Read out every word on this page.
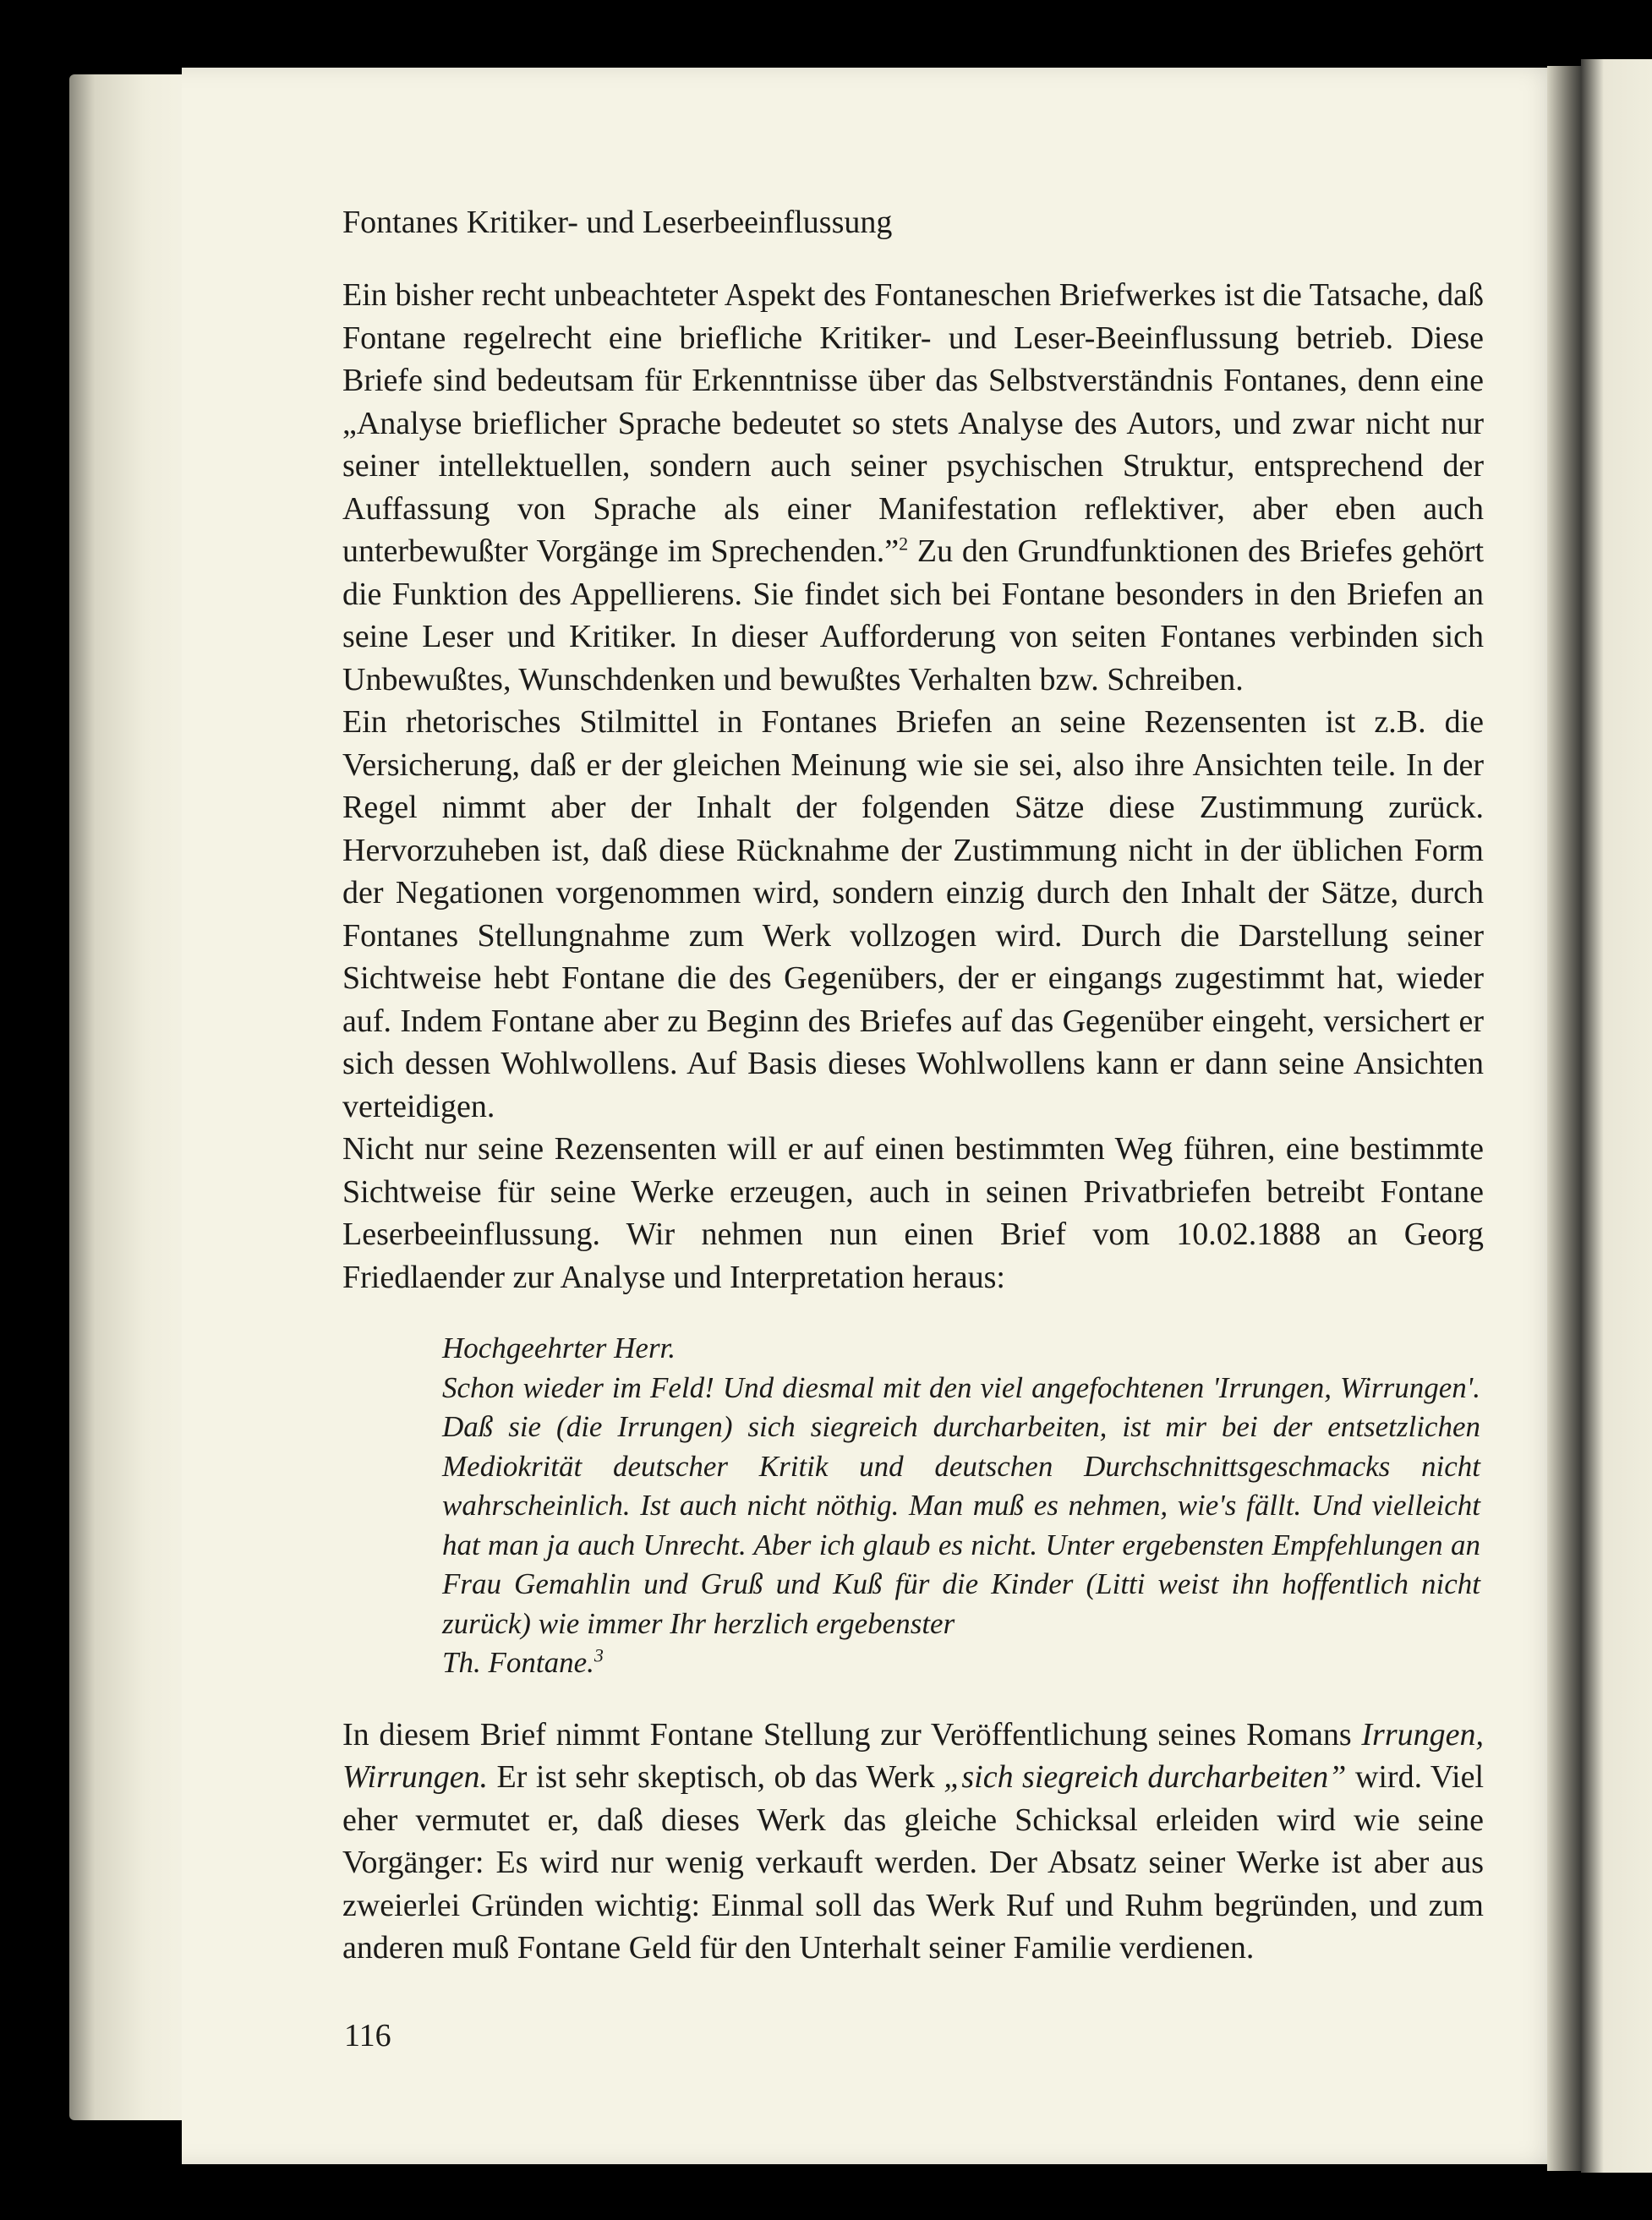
Fontanes Kritiker- und Leserbeeinflussung

Ein bisher recht unbeachteter Aspekt des Fontaneschen Briefwerkes ist die Tatsache, daß Fontane regelrecht eine briefliche Kritiker- und Leser-Beeinflussung betrieb. Diese Briefe sind bedeutsam für Erkenntnisse über das Selbstverständnis Fontanes, denn eine „Analyse brieflicher Sprache bedeutet so stets Analyse des Autors, und zwar nicht nur seiner intellektuellen, sondern auch seiner psychischen Struktur, entsprechend der Auffassung von Sprache als einer Manifestation reflektiver, aber eben auch unterbewußter Vorgänge im Sprechenden.”$^2$ Zu den Grundfunktionen des Briefes gehört die Funktion des Appellierens. Sie findet sich bei Fontane besonders in den Briefen an seine Leser und Kritiker. In dieser Aufforderung von seiten Fontanes verbinden sich Unbewußtes, Wunschdenken und bewußtes Verhalten bzw. Schreiben.

Ein rhetorisches Stilmittel in Fontanes Briefen an seine Rezensenten ist z.B. die Versicherung, daß er der gleichen Meinung wie sie sei, also ihre Ansichten teile. In der Regel nimmt aber der Inhalt der folgenden Sätze diese Zustimmung zurück. Hervorzuheben ist, daß diese Rücknahme der Zustimmung nicht in der üblichen Form der Negationen vorgenommen wird, sondern einzig durch den Inhalt der Sätze, durch Fontanes Stellungnahme zum Werk vollzogen wird. Durch die Darstellung seiner Sichtweise hebt Fontane die des Gegenübers, der er eingangs zugestimmt hat, wieder auf. Indem Fontane aber zu Beginn des Briefes auf das Gegenüber eingeht, versichert er sich dessen Wohlwollens. Auf Basis dieses Wohlwollens kann er dann seine Ansichten verteidigen.

Nicht nur seine Rezensenten will er auf einen bestimmten Weg führen, eine bestimmte Sichtweise für seine Werke erzeugen, auch in seinen Privatbriefen betreibt Fontane Leserbeeinflussung. Wir nehmen nun einen Brief vom 10.02.1888 an Georg Friedlaender zur Analyse und Interpretation heraus:

Hochgeehrter Herr.

Schon wieder im Feld! Und diesmal mit den viel angefochtenen 'Irrungen, Wirrungen'. Daß sie (die Irrungen) sich siegreich durcharbeiten, ist mir bei der entsetzlichen Mediokrität deutscher Kritik und deutschen Durchschnittsgeschmacks nicht wahrscheinlich. Ist auch nicht nöthig. Man muß es nehmen, wie's fällt. Und vielleicht hat man ja auch Unrecht. Aber ich glaub es nicht. Unter ergebensten Empfehlungen an Frau Gemahlin und Gruß und Kuß für die Kinder (Litti weist ihn hoffentlich nicht zurück) wie immer Ihr herzlich ergebenster

Th. Fontane.$^3$

In diesem Brief nimmt Fontane Stellung zur Veröffentlichung seines Romans Irrungen, Wirrungen. Er ist sehr skeptisch, ob das Werk „sich siegreich durcharbeiten” wird. Viel eher vermutet er, daß dieses Werk das gleiche Schicksal erleiden wird wie seine Vorgänger: Es wird nur wenig verkauft werden. Der Absatz seiner Werke ist aber aus zweierlei Gründen wichtig: Einmal soll das Werk Ruf und Ruhm begründen, und zum anderen muß Fontane Geld für den Unterhalt seiner Familie verdienen.

116
